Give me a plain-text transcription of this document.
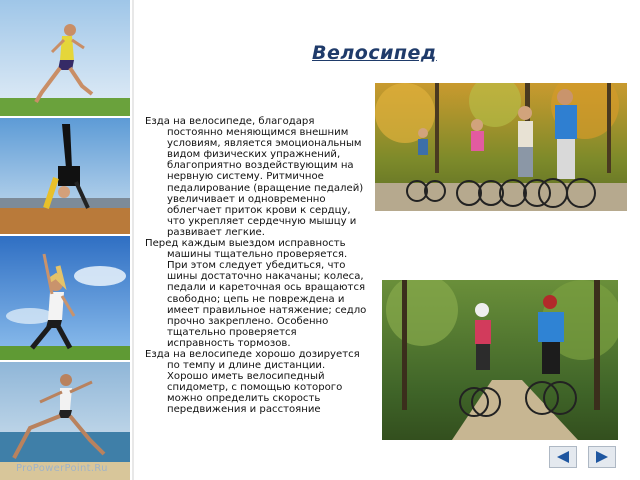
Велосипед

Езда на велосипеде, благодаря постоянно меняющимся внешним условиям, является эмоциональным видом физических упражнений, благоприятно воздействующим на нервную систему. Ритмичное педалирование (вращение педалей) увеличивает и одновременно облегчает приток крови к сердцу, что укрепляет сердечную мышцу и развивает легкие.

Перед каждым выездом исправность машины тщательно проверяется. При этом следует убедиться, что шины достаточно накачаны; колеса, педали и кареточная ось вращаются свободно; цепь не повреждена и имеет правильное натяжение; седло прочно закреплено. Особенно тщательно проверяется исправность тормозов.

Езда на велосипеде хорошо дозируется по темпу и длине дистанции. Хорошо иметь велосипедный спидометр, с помощью которого можно определить скорость передвижения и расстояние

ProPowerPoint.Ru
